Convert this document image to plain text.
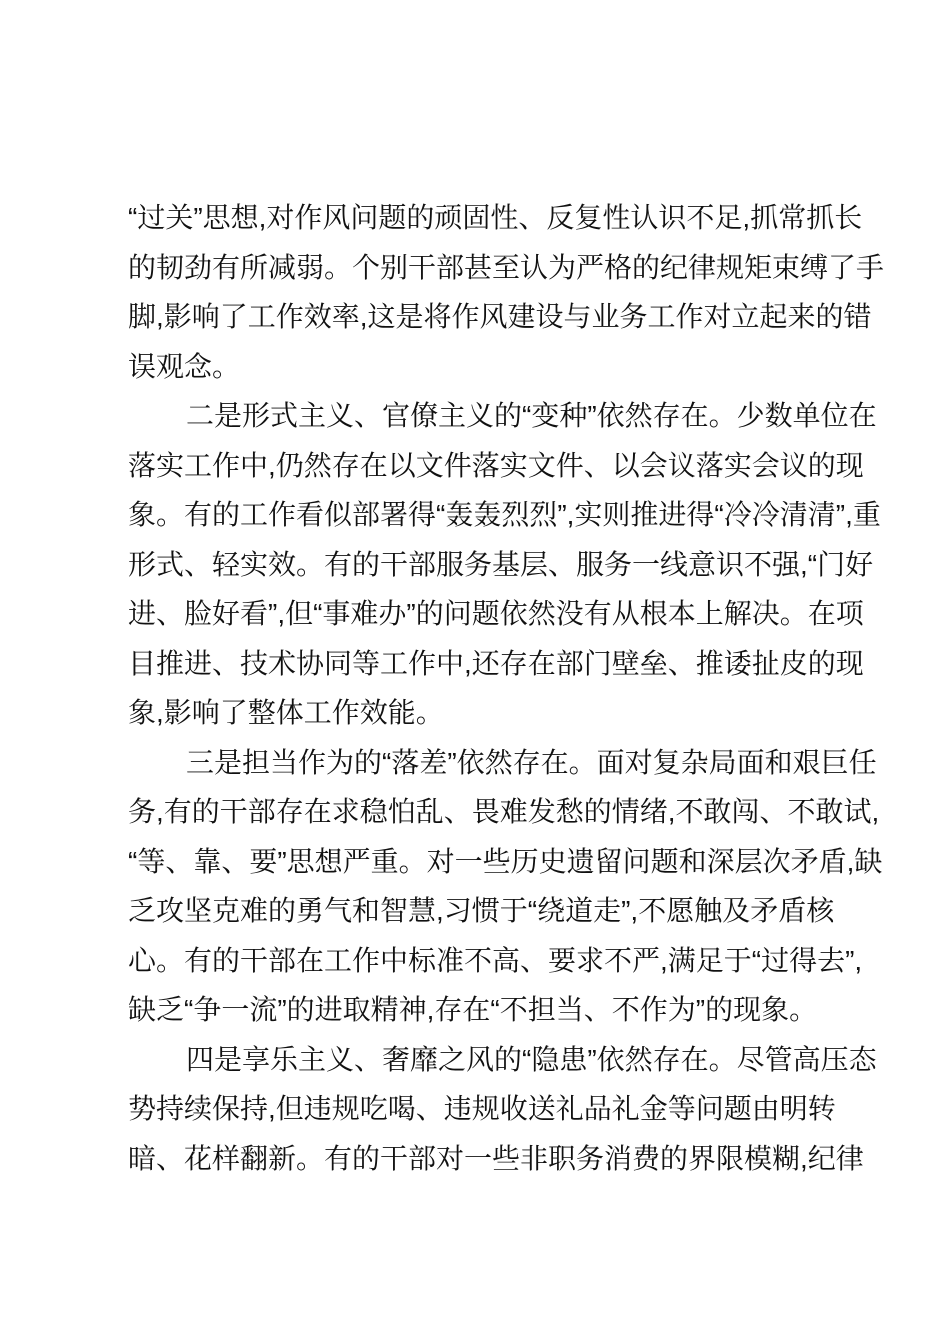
“过关”思想,对作风问题的顽固性、反复性认识不足,抓常抓长
的韧劲有所减弱。个别干部甚至认为严格的纪律规矩束缚了手
脚,影响了工作效率,这是将作风建设与业务工作对立起来的错
误观念。
二是形式主义、官僚主义的“变种”依然存在。少数单位在
落实工作中,仍然存在以文件落实文件、以会议落实会议的现
象。有的工作看似部署得“轰轰烈烈”,实则推进得“冷冷清清”,重
形式、轻实效。有的干部服务基层、服务一线意识不强,“门好
进、脸好看”,但“事难办”的问题依然没有从根本上解决。在项
目推进、技术协同等工作中,还存在部门壁垒、推诿扯皮的现
象,影响了整体工作效能。
三是担当作为的“落差”依然存在。面对复杂局面和艰巨任
务,有的干部存在求稳怕乱、畏难发愁的情绪,不敢闯、不敢试,
“等、靠、要”思想严重。对一些历史遗留问题和深层次矛盾,缺
乏攻坚克难的勇气和智慧,习惯于“绕道走”,不愿触及矛盾核
心。有的干部在工作中标准不高、要求不严,满足于“过得去”,
缺乏“争一流”的进取精神,存在“不担当、不作为”的现象。
四是享乐主义、奢靡之风的“隐患”依然存在。尽管高压态
势持续保持,但违规吃喝、违规收送礼品礼金等问题由明转
暗、花样翻新。有的干部对一些非职务消费的界限模糊,纪律
